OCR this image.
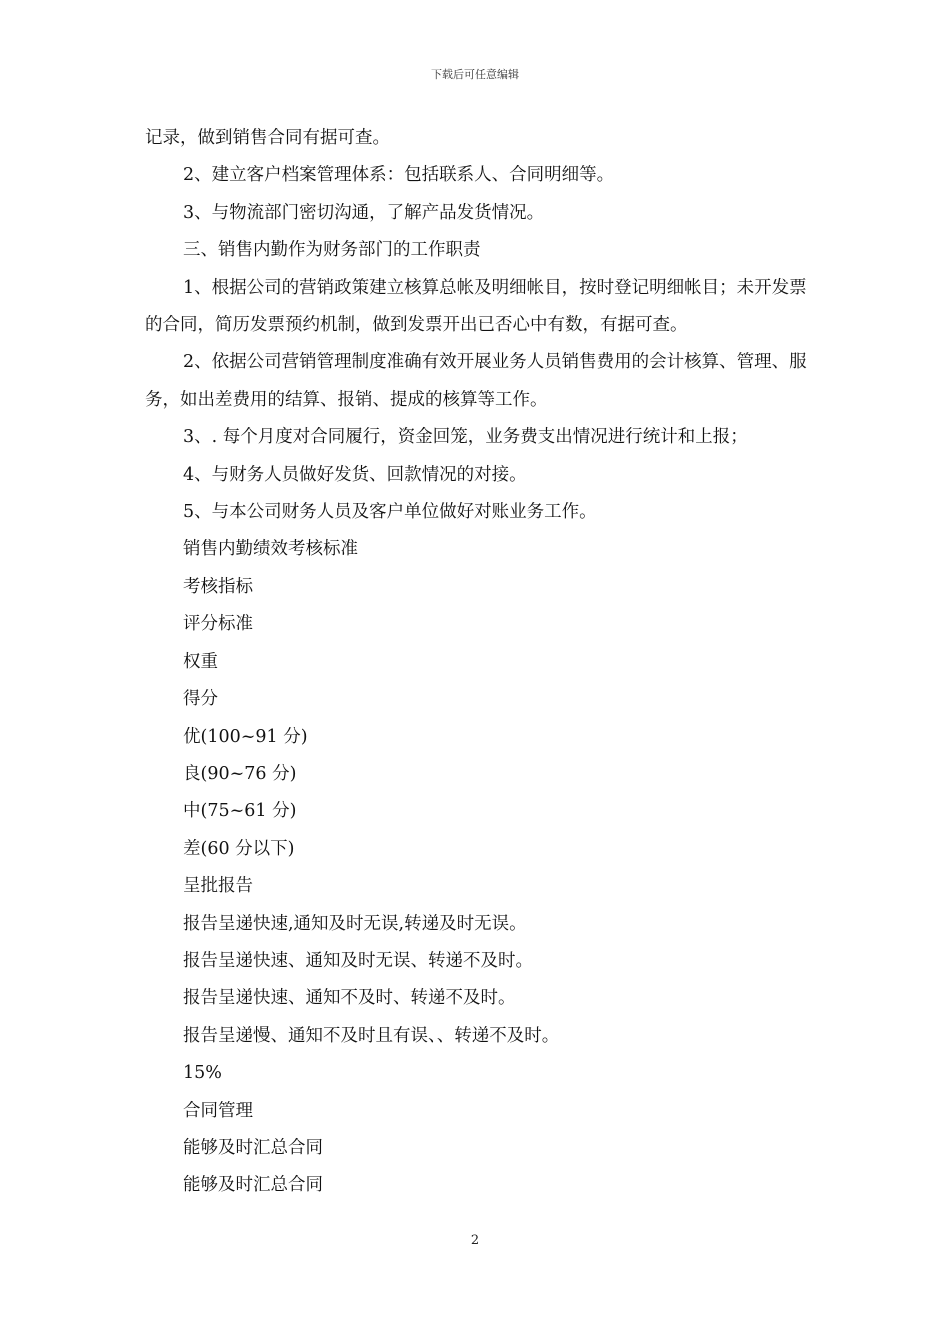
下载后可任意编辑

记录，做到销售合同有据可查。

2、建立客户档案管理体系：包括联系人、合同明细等。

3、与物流部门密切沟通，了解产品发货情况。

三、销售内勤作为财务部门的工作职责

1、根据公司的营销政策建立核算总帐及明细帐目，按时登记明细帐目；未开发票的合同，简历发票预约机制，做到发票开出已否心中有数，有据可查。

2、依据公司营销管理制度准确有效开展业务人员销售费用的会计核算、管理、服务，如出差费用的结算、报销、提成的核算等工作。

3、. 每个月度对合同履行，资金回笼，业务费支出情况进行统计和上报；

4、与财务人员做好发货、回款情况的对接。

5、与本公司财务人员及客户单位做好对账业务工作。

销售内勤绩效考核标准

考核指标

评分标准

权重

得分

优(100~91 分)

良(90~76 分)

中(75~61 分)

差(60 分以下)

呈批报告

报告呈递快速,通知及时无误,转递及时无误。

报告呈递快速、通知及时无误、转递不及时。

报告呈递快速、通知不及时、转递不及时。

报告呈递慢、通知不及时且有误、、转递不及时。

15%

合同管理

能够及时汇总合同

能够及时汇总合同

2
